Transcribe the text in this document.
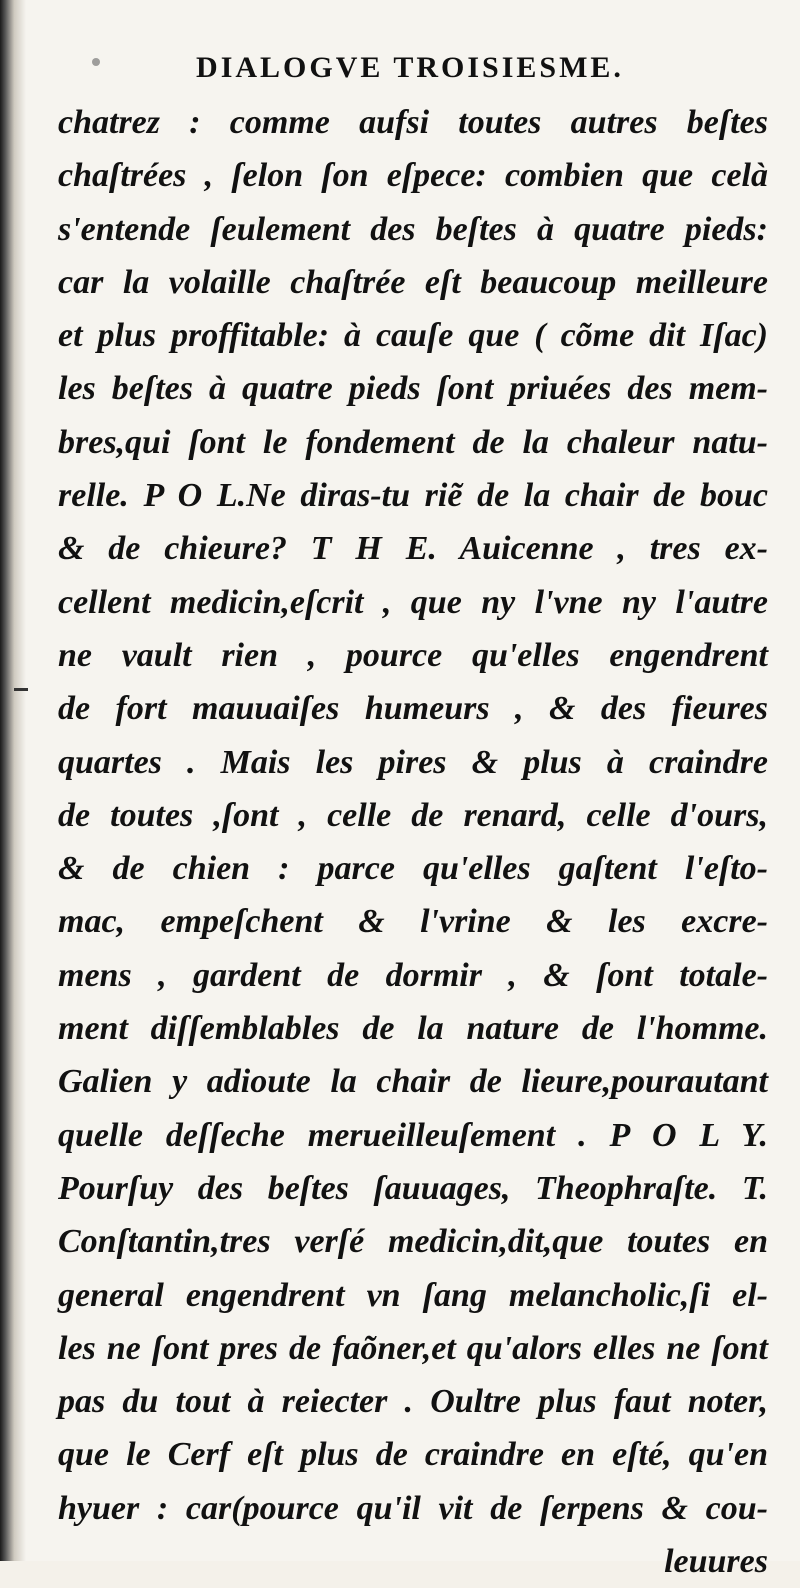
DIALOGVE TROISIESME.
chatrez : comme aufsi toutes autres beſtes
chaſtrées , ſelon ſon eſpece: combien que celà
s'entende ſeulement des beſtes à quatre pieds:
car la volaille chaſtrée eſt beaucoup meilleure
et plus proffitable: à cauſe que ( cõme dit Iſac)
les beſtes à quatre pieds ſont priuées des mem-
bres,qui ſont le fondement de la chaleur natu-
relle. P O L.Ne diras-tu riẽ de la chair de bouc
& de chieure? T H E. Auicenne , tres ex-
cellent medicin,eſcrit , que ny l'vne ny l'autre
ne vault rien , pource qu'elles engendrent
de fort mauuaiſes humeurs , & des fieures
quartes . Mais les pires & plus à craindre
de toutes ,ſont , celle de renard, celle d'ours,
& de chien : parce qu'elles gaſtent l'eſto-
mac, empeſchent & l'vrine & les excre-
mens , gardent de dormir , & ſont totale-
ment diſſemblables de la nature de l'homme.
Galien y adioute la chair de lieure,pourautant
quelle deſſeche merueilleuſement . P O L Y.
Pourſuy des beſtes ſauuages, Theophraſte. T.
Conſtantin,tres verſé medicin,dit,que toutes en
general engendrent vn ſang melancholic,ſi el-
les ne ſont pres de faõner,et qu'alors elles ne ſont
pas du tout à reiecter . Oultre plus faut noter,
que le Cerf eſt plus de craindre en eſté, qu'en
hyuer : car(pource qu'il vit de ſerpens & cou-
leuures
